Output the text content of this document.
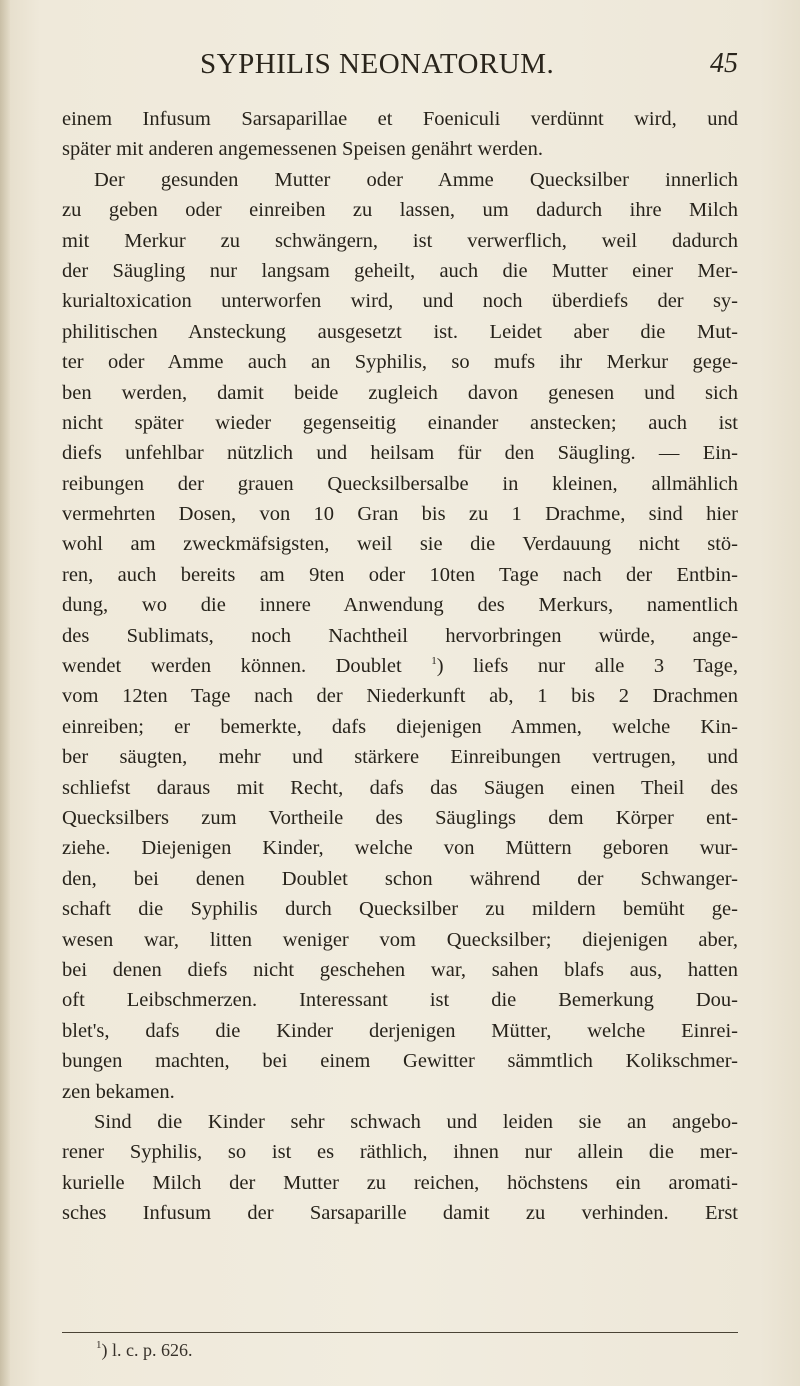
SYPHILIS NEONATORUM.	45
einem Infusum Sarsaparillae et Foeniculi verdünnt wird, und
später mit anderen angemessenen Speisen genährt werden.
Der gesunden Mutter oder Amme Quecksilber innerlich
zu geben oder einreiben zu lassen, um dadurch ihre Milch
mit Merkur zu schwängern, ist verwerflich, weil dadurch
der Säugling nur langsam geheilt, auch die Mutter einer Mer-
kurialtoxication unterworfen wird, und noch überdiefs der sy-
philitischen Ansteckung ausgesetzt ist. Leidet aber die Mut-
ter oder Amme auch an Syphilis, so mufs ihr Merkur gege-
ben werden, damit beide zugleich davon genesen und sich
nicht später wieder gegenseitig einander anstecken; auch ist
diefs unfehlbar nützlich und heilsam für den Säugling. — Ein-
reibungen der grauen Quecksilbersalbe in kleinen, allmählich
vermehrten Dosen, von 10 Gran bis zu 1 Drachme, sind hier
wohl am zweckmäfsigsten, weil sie die Verdauung nicht stö-
ren, auch bereits am 9ten oder 10ten Tage nach der Entbin-
dung, wo die innere Anwendung des Merkurs, namentlich
des Sublimats, noch Nachtheil hervorbringen würde, ange-
wendet werden können. Doublet	$^1$) liefs nur alle 3 Tage,
vom 12ten Tage nach der Niederkunft ab, 1 bis 2 Drachmen
einreiben; er bemerkte, dafs diejenigen Ammen, welche Kin-
ber säugten, mehr und stärkere Einreibungen vertrugen, und
schliefst daraus mit Recht, dafs das Säugen einen Theil des
Quecksilbers zum Vortheile des Säuglings dem Körper ent-
ziehe. Diejenigen Kinder, welche von Müttern geboren wur-
den, bei denen Doublet schon während der Schwanger-
schaft die Syphilis durch Quecksilber zu mildern bemüht ge-
wesen war, litten weniger vom Quecksilber; diejenigen aber,
bei denen diefs nicht geschehen war, sahen blafs aus, hatten
oft Leibschmerzen. Interessant ist die Bemerkung Dou-
blet's, dafs die Kinder derjenigen Mütter, welche Einrei-
bungen machten, bei einem Gewitter sämmtlich Kolikschmer-
zen bekamen.
Sind die Kinder sehr schwach und leiden sie an angebo-
rener Syphilis, so ist es räthlich, ihnen nur allein die mer-
kurielle Milch der Mutter zu reichen, höchstens ein aromati-
sches Infusum der Sarsaparille damit zu verhinden. Erst
$^1$) l. c. p. 626.
